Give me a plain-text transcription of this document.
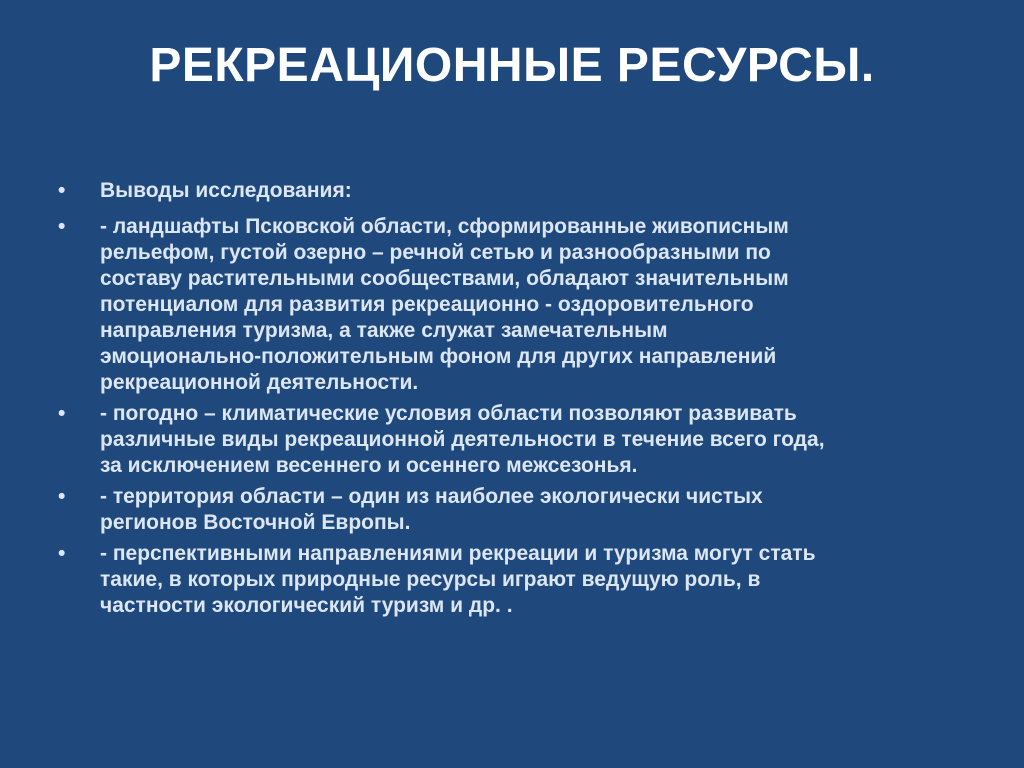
РЕКРЕАЦИОННЫЕ РЕСУРСЫ.
•	Выводы исследования:
•	- ландшафты Псковской области, сформированные живописным
рельефом, густой озерно – речной сетью и разнообразными по
составу растительными сообществами, обладают значительным
потенциалом для развития рекреационно - оздоровительного
направления туризма, а также служат замечательным
эмоционально-положительным фоном для других направлений
рекреационной деятельности.
•	- погодно – климатические условия области позволяют развивать
различные виды рекреационной деятельности в течение всего года,
за исключением весеннего и осеннего межсезонья.
•	- территория области – один из наиболее экологически чистых
регионов Восточной Европы.
•	- перспективными направлениями рекреации и туризма могут стать
такие, в которых природные ресурсы играют ведущую роль, в
частности экологический туризм и др. .
